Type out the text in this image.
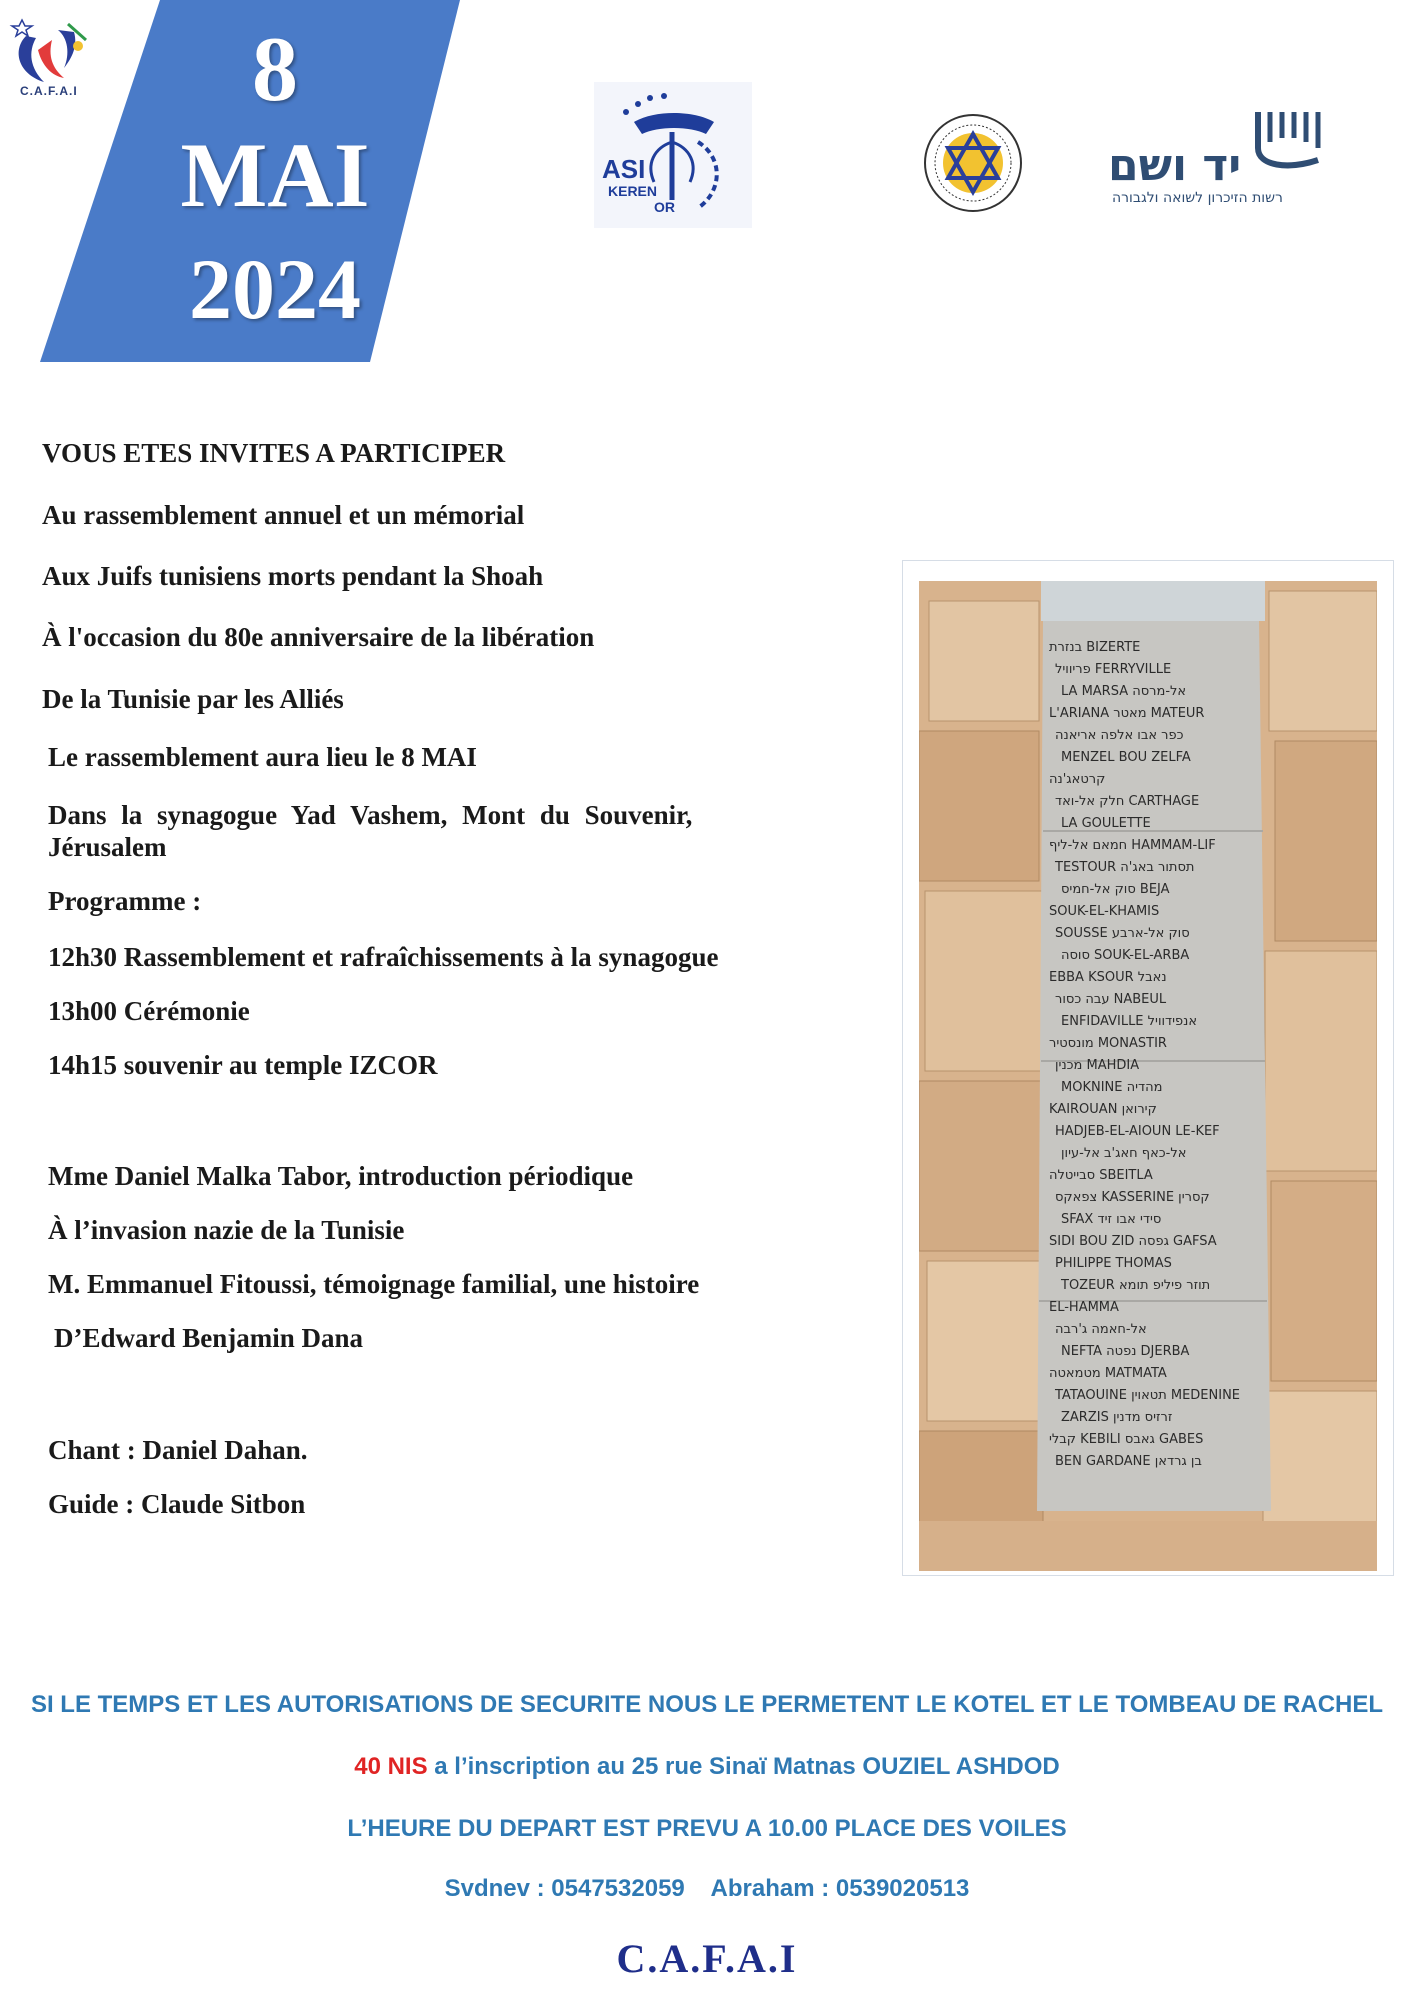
C.A.F.A.I	8
MAI
2024
ASI
KEREN
OR
יד ושם
רשות הזיכרון לשואה ולגבורה
VOUS ETES INVITES A PARTICIPER
Au rassemblement annuel et un mémorial
Aux Juifs tunisiens morts pendant la Shoah
À l'occasion du 80e anniversaire de la libération
De la Tunisie par les Alliés
Le rassemblement aura lieu le 8 MAI
Dans la synagogue Yad Vashem, Mont du Souvenir,
Jérusalem
Programme :
12h30 Rassemblement et rafraîchissements à la synagogue
13h00 Cérémonie
14h15 souvenir au temple IZCOR
Mme Daniel Malka Tabor, introduction périodique
À l’invasion nazie de la Tunisie
M. Emmanuel Fitoussi, témoignage familial, une histoire
D’Edward Benjamin Dana
Chant : Daniel Dahan.
Guide : Claude Sitbon
בנזרת BIZERTE
פריוויל FERRYVILLE
LA MARSA אל-מרסה
L'ARIANA מאטר MATEUR
כפר אבו אלפה אריאנה
MENZEL BOU ZELFA
קרטאג'נה
חלק אל-ואד CARTHAGE
LA GOULETTE
חמאם אל-ליף HAMMAM-LIF
TESTOUR תסתור באג'ה
סוק אל-חמיס BEJA
SOUK-EL-KHAMIS
SOUSSE סוק אל-ארבע
סוסה SOUK-EL-ARBA
EBBA KSOUR נאבל
עבה כסור NABEUL
ENFIDAVILLE אנפידוויל
מונסטיר MONASTIR
מכנין MAHDIA
MOKNINE מהדיה
KAIROUAN קירואן
HADJEB-EL-AIOUN LE-KEF
אל-כאף חאג'ב אל-עיון
סבייטלה SBEITLA
צפאקס KASSERINE קסרין
SFAX סידי אבו זיד
SIDI BOU ZID גפסה GAFSA
PHILIPPE THOMAS
TOZEUR תוזר פיליפ תומא
EL-HAMMA
אל-חאמה ג'רבה
NEFTA נפטה DJERBA
מטמאטה MATMATA
TATAOUINE תטאוין MEDENINE
ZARZIS זרזיס מדנין
קבלי KEBILI גאבס GABES
BEN GARDANE בן גרדאן
SI LE TEMPS ET LES AUTORISATIONS DE SECURITE NOUS LE PERMETENT LE KOTEL ET LE TOMBEAU DE RACHEL
40 NIS a l’inscription au 25 rue Sinaï Matnas OUZIEL ASHDOD
L’HEURE DU DEPART EST PREVU A 10.00 PLACE DES VOILES
Svdnev : 0547532059    Abraham : 0539020513
C.A.F.A.I
